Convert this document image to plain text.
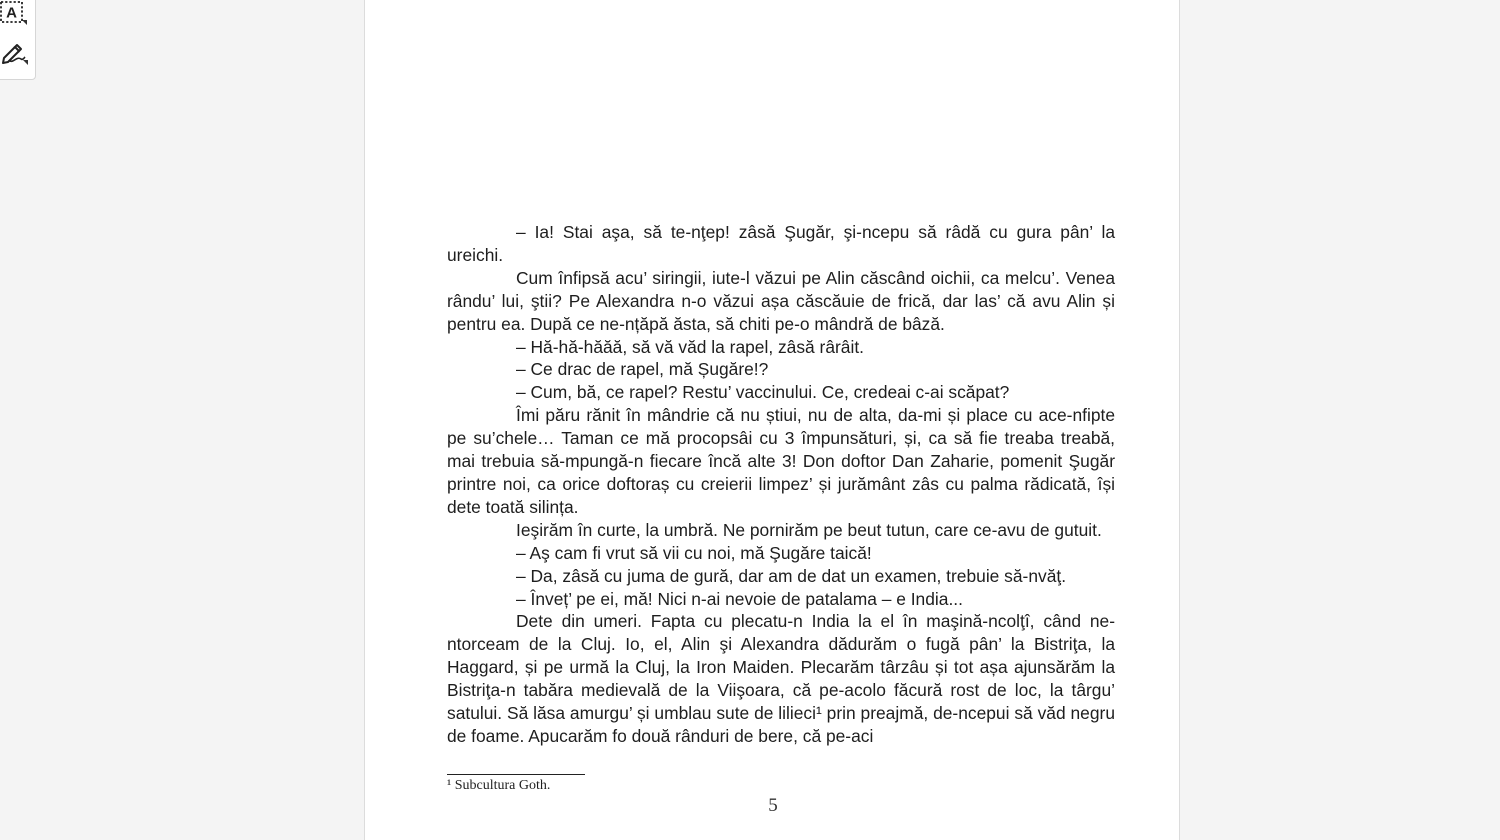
A

– Ia! Stai aşa, să te-nţep! zâsă Şugăr, şi-ncepu să râdă cu gura pân’ la ureichi.

Cum înfipsă acu’ siringii, iute-l văzui pe Alin căscând oichii, ca melcu’. Venea rându’ lui, ştii? Pe Alexandra n-o văzui așa căscăuie de frică, dar las’ că avu Alin și pentru ea. După ce ne-nțăpă ăsta, să chiti pe-o mândră de bâză.

– Hă-hă-hăăă, să vă văd la rapel, zâsă rârâit.

– Ce drac de rapel, mă Șugăre!?

– Cum, bă, ce rapel? Restu’ vaccinului. Ce, credeai c-ai scăpat?

Îmi păru rănit în mândrie că nu știui, nu de alta, da-mi și place cu ace-nfipte pe su’chele… Taman ce mă procopsâi cu 3 împunsături, și, ca să fie treaba treabă, mai trebuia să-mpungă-n fiecare încă alte 3! Don doftor Dan Zaharie, pomenit Şugăr printre noi, ca orice doftoraș cu creierii limpez’ și jurământ zâs cu palma rădicată, își dete toată silința.

Ieşirăm în curte, la umbră. Ne pornirăm pe beut tutun, care ce-avu de gutuit.

– Aş cam fi vrut să vii cu noi, mă Şugăre taică!

– Da, zâsă cu juma de gură, dar am de dat un examen, trebuie să-nvăţ.

– Înveț’ pe ei, mă! Nici n-ai nevoie de patalama – e India...

Dete din umeri. Fapta cu plecatu-n India la el în maşină-ncolţî, când ne-ntorceam de la Cluj. Io, el, Alin şi Alexandra dădurăm o fugă pân’ la Bistriţa, la Haggard, și pe urmă la Cluj, la Iron Maiden. Plecarăm târzâu și tot așa ajunsărăm la Bistriţa-n tabăra medievală de la Viişoara, că pe-acolo făcură rost de loc, la târgu’ satului. Să lăsa amurgu’ și umblau sute de lilieci¹ prin preajmă, de-ncepui să văd negru de foame. Apucarăm fo două rânduri de bere, că pe-aci

¹ Subcultura Goth.
5
